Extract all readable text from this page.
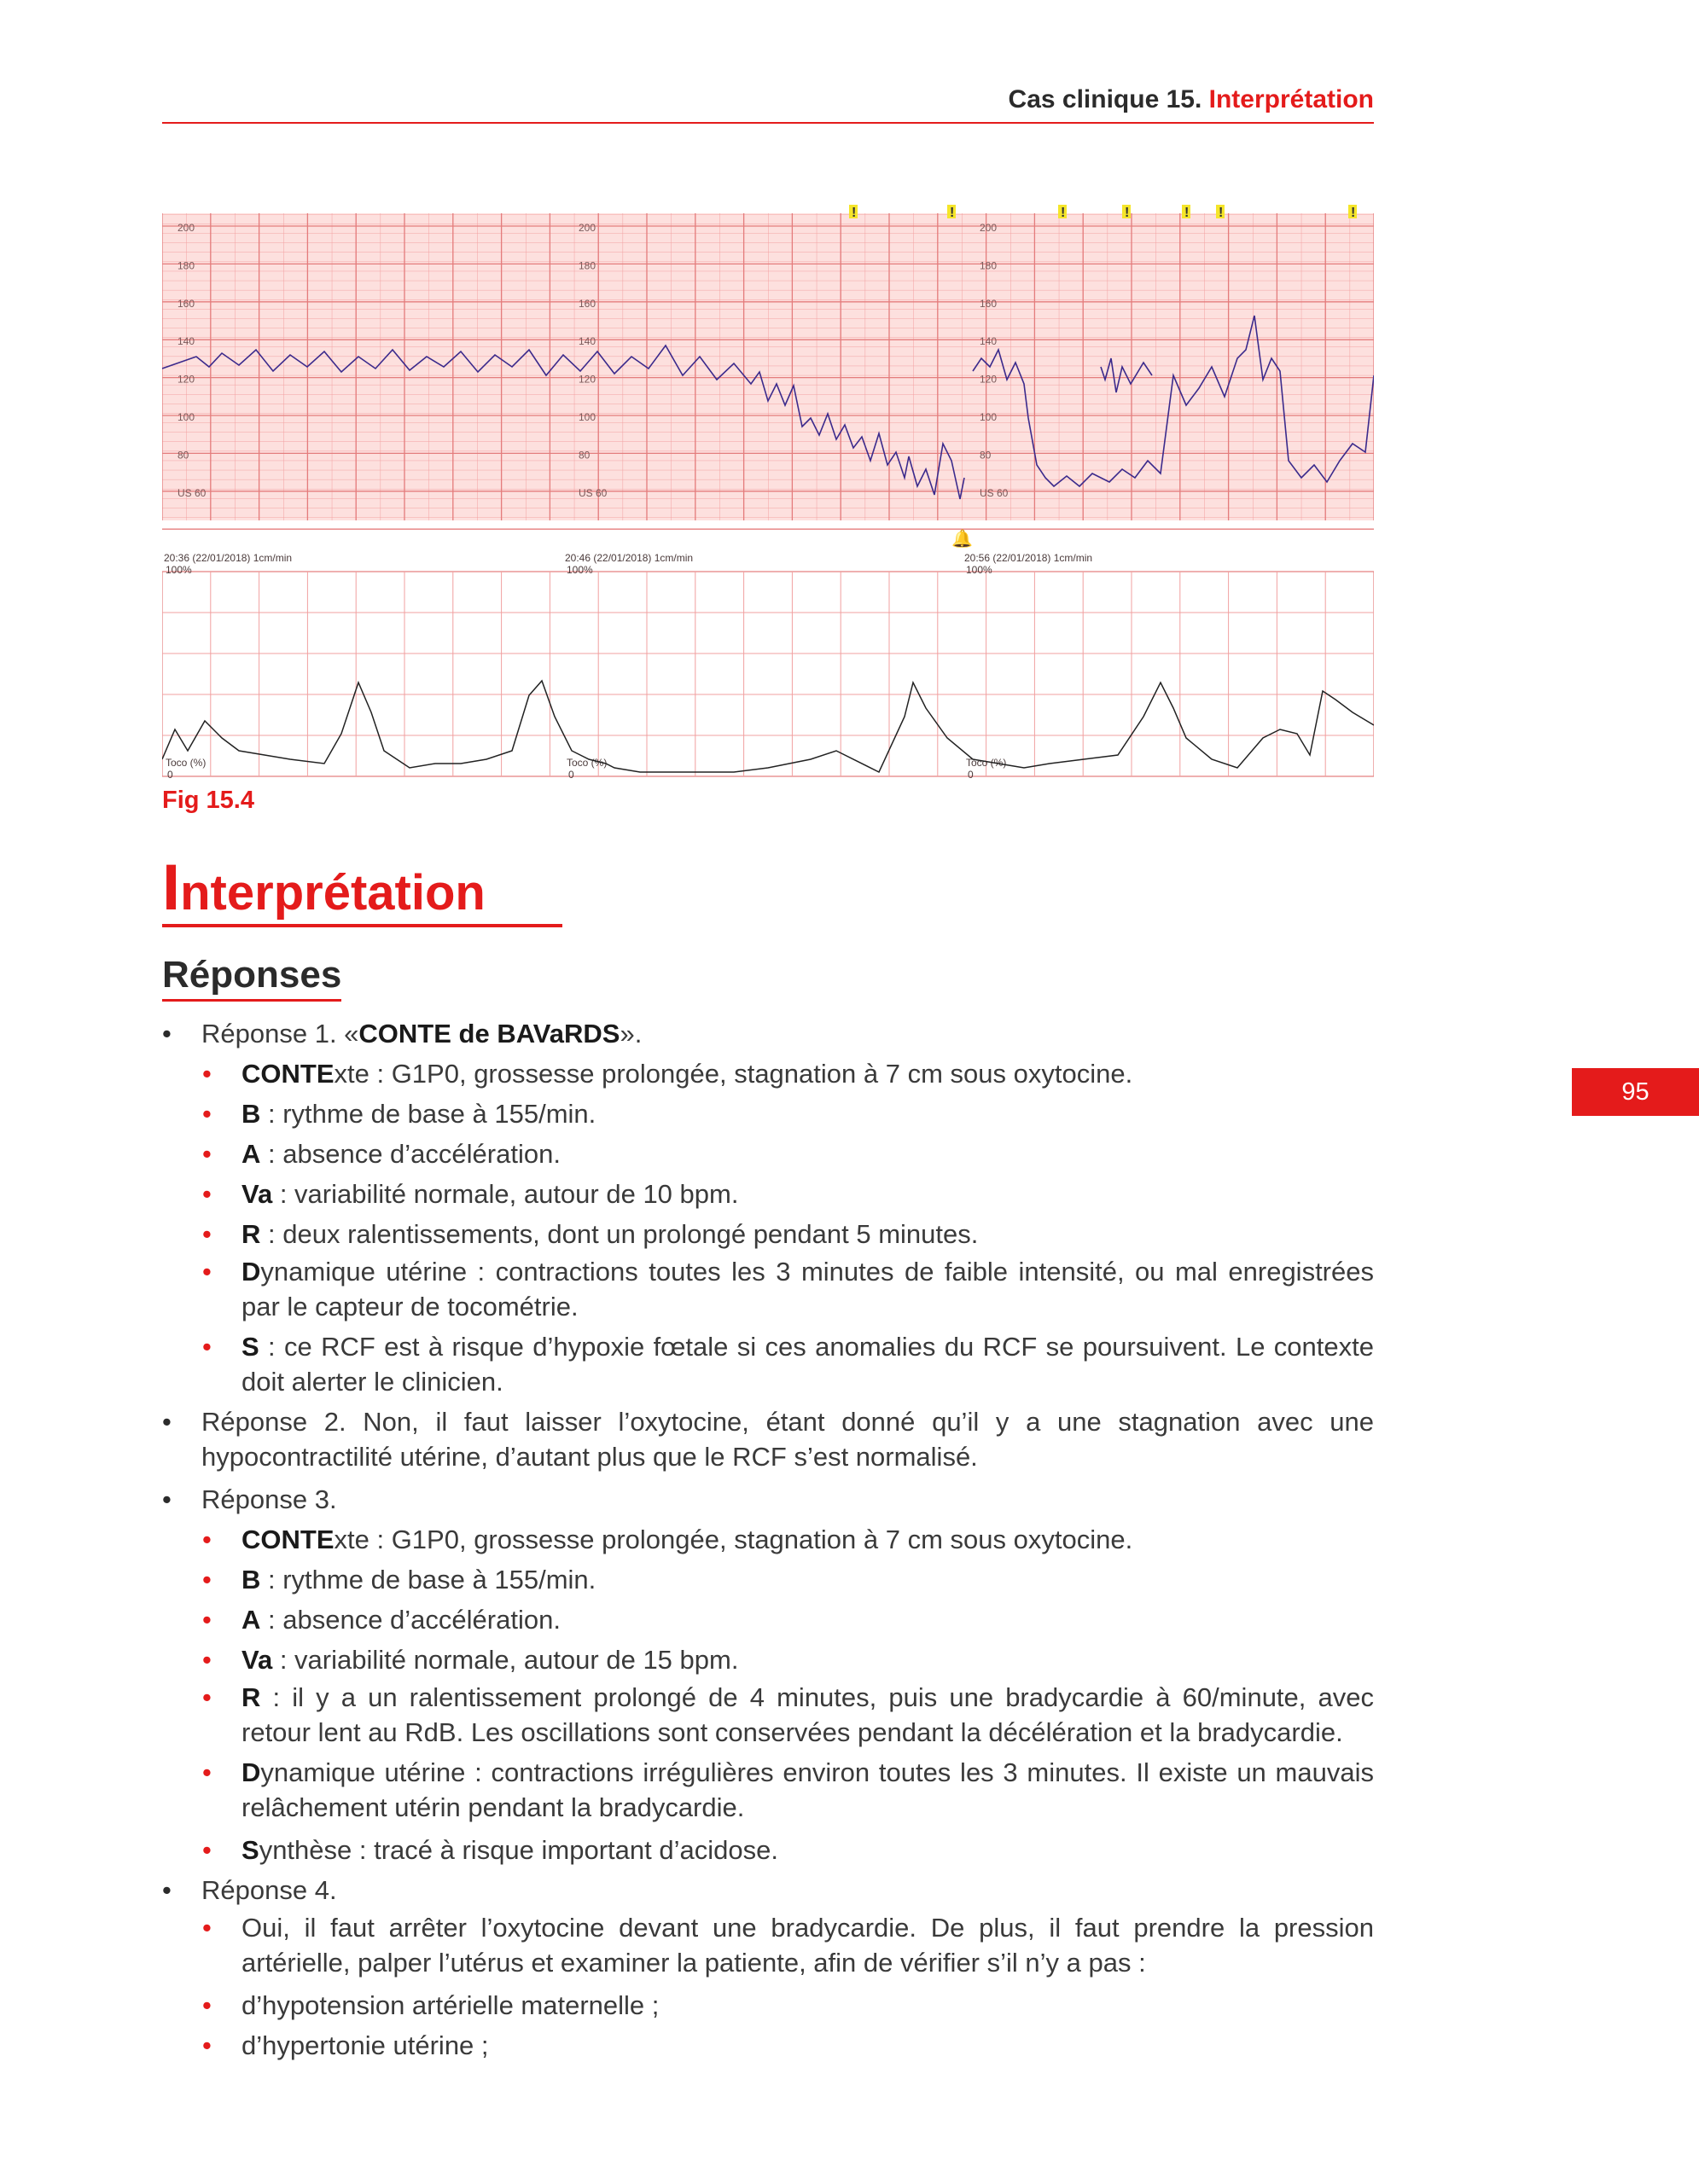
Cas clinique 15. Interprétation
95
200	200	200
180	180	180
160	160	160
140	140	140
120	120	120
100	100	100
80	80	80
US 60	US 60	US 60
!	!	!	!	! !	!
🔔
20:36 (22/01/2018) 1cm/min
100%
Toco (%)
0
20:46 (22/01/2018) 1cm/min
100%
Toco (%)
0
20:56 (22/01/2018) 1cm/min
100%
Toco (%)
0
Fig 15.4
Interprétation
Réponses
• Réponse 1. «CONTE de BAVaRDS».
• CONTExte : G1P0, grossesse prolongée, stagnation à 7 cm sous oxytocine.
• B : rythme de base à 155/min.
• A : absence d’accélération.
• Va : variabilité normale, autour de 10 bpm.
• R : deux ralentissements, dont un prolongé pendant 5 minutes.
• Dynamique utérine : contractions toutes les 3 minutes de faible intensité, ou mal enregistrées par le capteur de tocométrie.
• S : ce RCF est à risque d’hypoxie fœtale si ces anomalies du RCF se poursuivent. Le contexte doit alerter le clinicien.
• Réponse 2. Non, il faut laisser l’oxytocine, étant donné qu’il y a une stagnation avec une hypocontractilité utérine, d’autant plus que le RCF s’est normalisé.
• Réponse 3.
• CONTExte : G1P0, grossesse prolongée, stagnation à 7 cm sous oxytocine.
• B : rythme de base à 155/min.
• A : absence d’accélération.
• Va : variabilité normale, autour de 15 bpm.
• R : il y a un ralentissement prolongé de 4 minutes, puis une bradycardie à 60/minute, avec retour lent au RdB. Les oscillations sont conservées pendant la décélération et la bradycardie.
• Dynamique utérine : contractions irrégulières environ toutes les 3 minutes. Il existe un mauvais relâchement utérin pendant la bradycardie.
• Synthèse : tracé à risque important d’acidose.
• Réponse 4.
• Oui, il faut arrêter l’oxytocine devant une bradycardie. De plus, il faut prendre la pression artérielle, palper l’utérus et examiner la patiente, afin de vérifier s’il n’y a pas :
• d’hypotension artérielle maternelle ;
• d’hypertonie utérine ;
